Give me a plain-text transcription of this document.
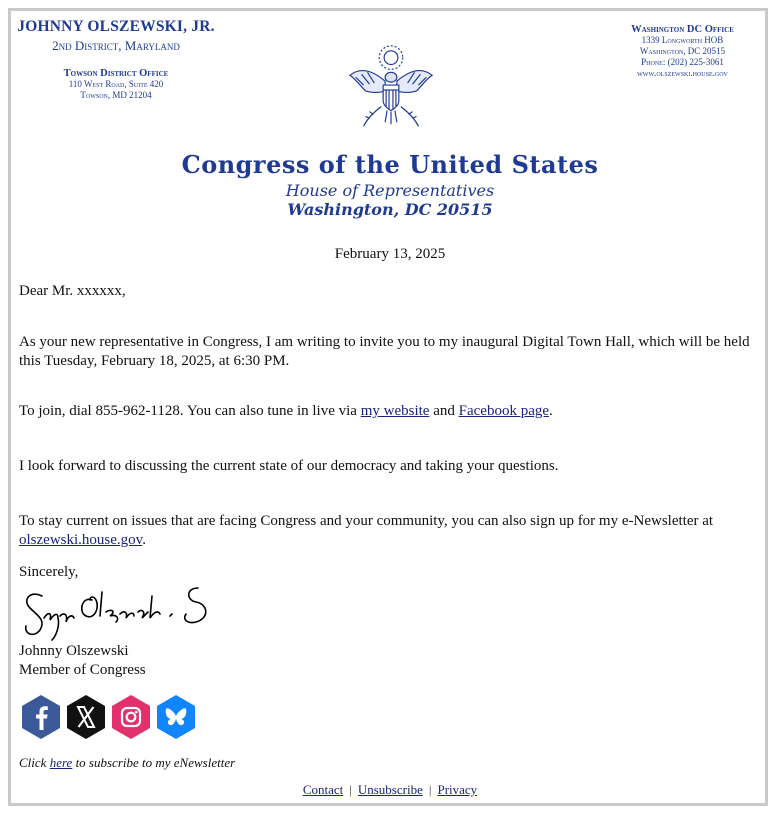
JOHNNY OLSZEWSKI, JR.
2nd District, Maryland
Towson District Office
110 West Road, Suite 420
Towson, MD 21204
Washington DC Office
1339 Longworth HOB
Washington, DC 20515
Phone: (202) 225-3061
www.olszewski.house.gov
Congress of the United States
House of Representatives
Washington, DC 20515
February 13, 2025
Dear Mr. xxxxxx,
As your new representative in Congress, I am writing to invite you to my inaugural Digital Town Hall, which will be held this Tuesday, February 18, 2025, at 6:30 PM.
To join, dial 855-962-1128. You can also tune in live via my website and Facebook page.
I look forward to discussing the current state of our democracy and taking your questions.
To stay current on issues that are facing Congress and your community, you can also sign up for my e-Newsletter at olszewski.house.gov.
Sincerely,
Johnny Olszewski
Member of Congress
Click here to subscribe to my eNewsletter
Contact | Unsubscribe | Privacy
